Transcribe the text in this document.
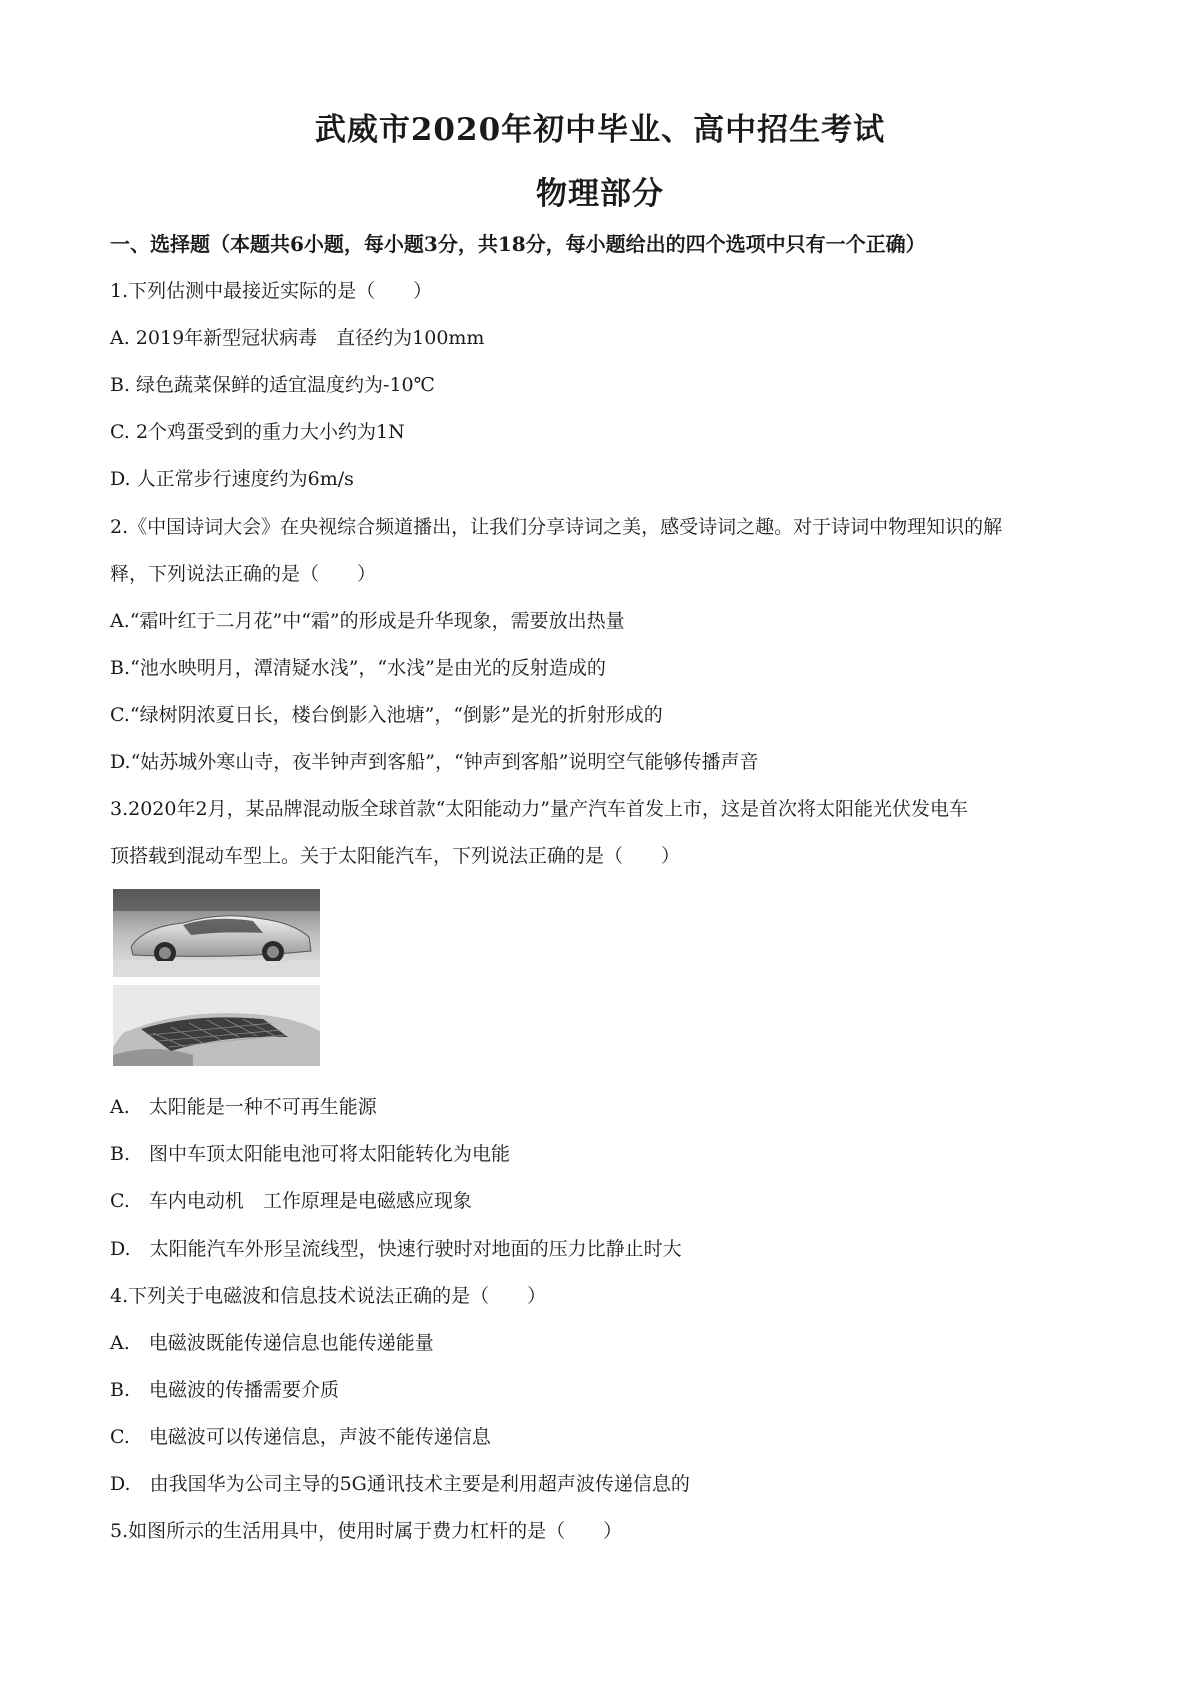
武威市2020年初中毕业、高中招生考试
物理部分
一、选择题（本题共6小题，每小题3分，共18分，每小题给出的四个选项中只有一个正确）
1.下列估测中最接近实际的是（　　）
A. 2019年新型冠状病毒　直径约为100mm
B. 绿色蔬菜保鲜的适宜温度约为-10℃
C. 2个鸡蛋受到的重力大小约为1N
D. 人正常步行速度约为6m/s
2.《中国诗词大会》在央视综合频道播出，让我们分享诗词之美，感受诗词之趣。对于诗词中物理知识的解
释，下列说法正确的是（　　）
A.“霜叶红于二月花”中“霜”的形成是升华现象，需要放出热量
B.“池水映明月，潭清疑水浅”，“水浅”是由光的反射造成的
C.“绿树阴浓夏日长，楼台倒影入池塘”，“倒影”是光的折射形成的
D.“姑苏城外寒山寺，夜半钟声到客船”，“钟声到客船”说明空气能够传播声音
3.2020年2月，某品牌混动版全球首款“太阳能动力”量产汽车首发上市，这是首次将太阳能光伏发电车
顶搭载到混动车型上。关于太阳能汽车，下列说法正确的是（　　）
A.　太阳能是一种不可再生能源
B.　图中车顶太阳能电池可将太阳能转化为电能
C.　车内电动机　工作原理是电磁感应现象
D.　太阳能汽车外形呈流线型，快速行驶时对地面的压力比静止时大
4.下列关于电磁波和信息技术说法正确的是（　　）
A.　电磁波既能传递信息也能传递能量
B.　电磁波的传播需要介质
C.　电磁波可以传递信息，声波不能传递信息
D.　由我国华为公司主导的5G通讯技术主要是利用超声波传递信息的
5.如图所示的生活用具中，使用时属于费力杠杆的是（　　）
